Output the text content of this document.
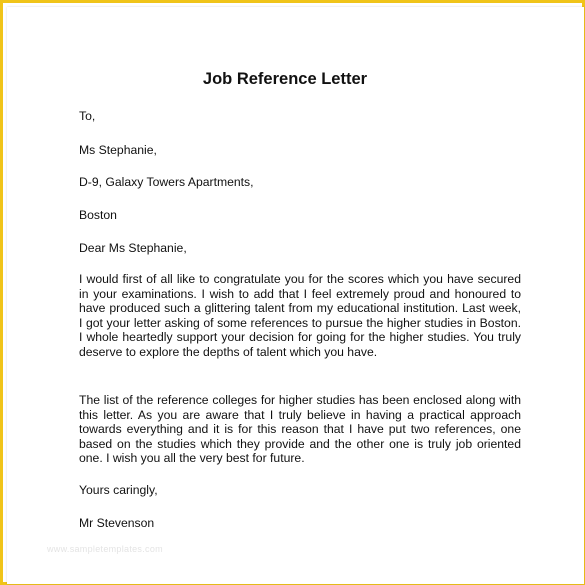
Job Reference Letter

To,

Ms Stephanie,

D-9, Galaxy Towers Apartments,

Boston

Dear Ms Stephanie,

I would first of all like to congratulate you for the scores which you have secured in your examinations. I wish to add that I feel extremely proud and honoured to have produced such a glittering talent from my educational institution. Last week, I got your letter asking of some references to pursue the higher studies in Boston. I whole heartedly support your decision for going for the higher studies. You truly deserve to explore the depths of talent which you have.

The list of the reference colleges for higher studies has been enclosed along with this letter. As you are aware that I truly believe in having a practical approach towards everything and it is for this reason that I have put two references, one based on the studies which they provide and the other one is truly job oriented one. I wish you all the very best for future.

Yours caringly,

Mr Stevenson

www.sampletemplates.com
